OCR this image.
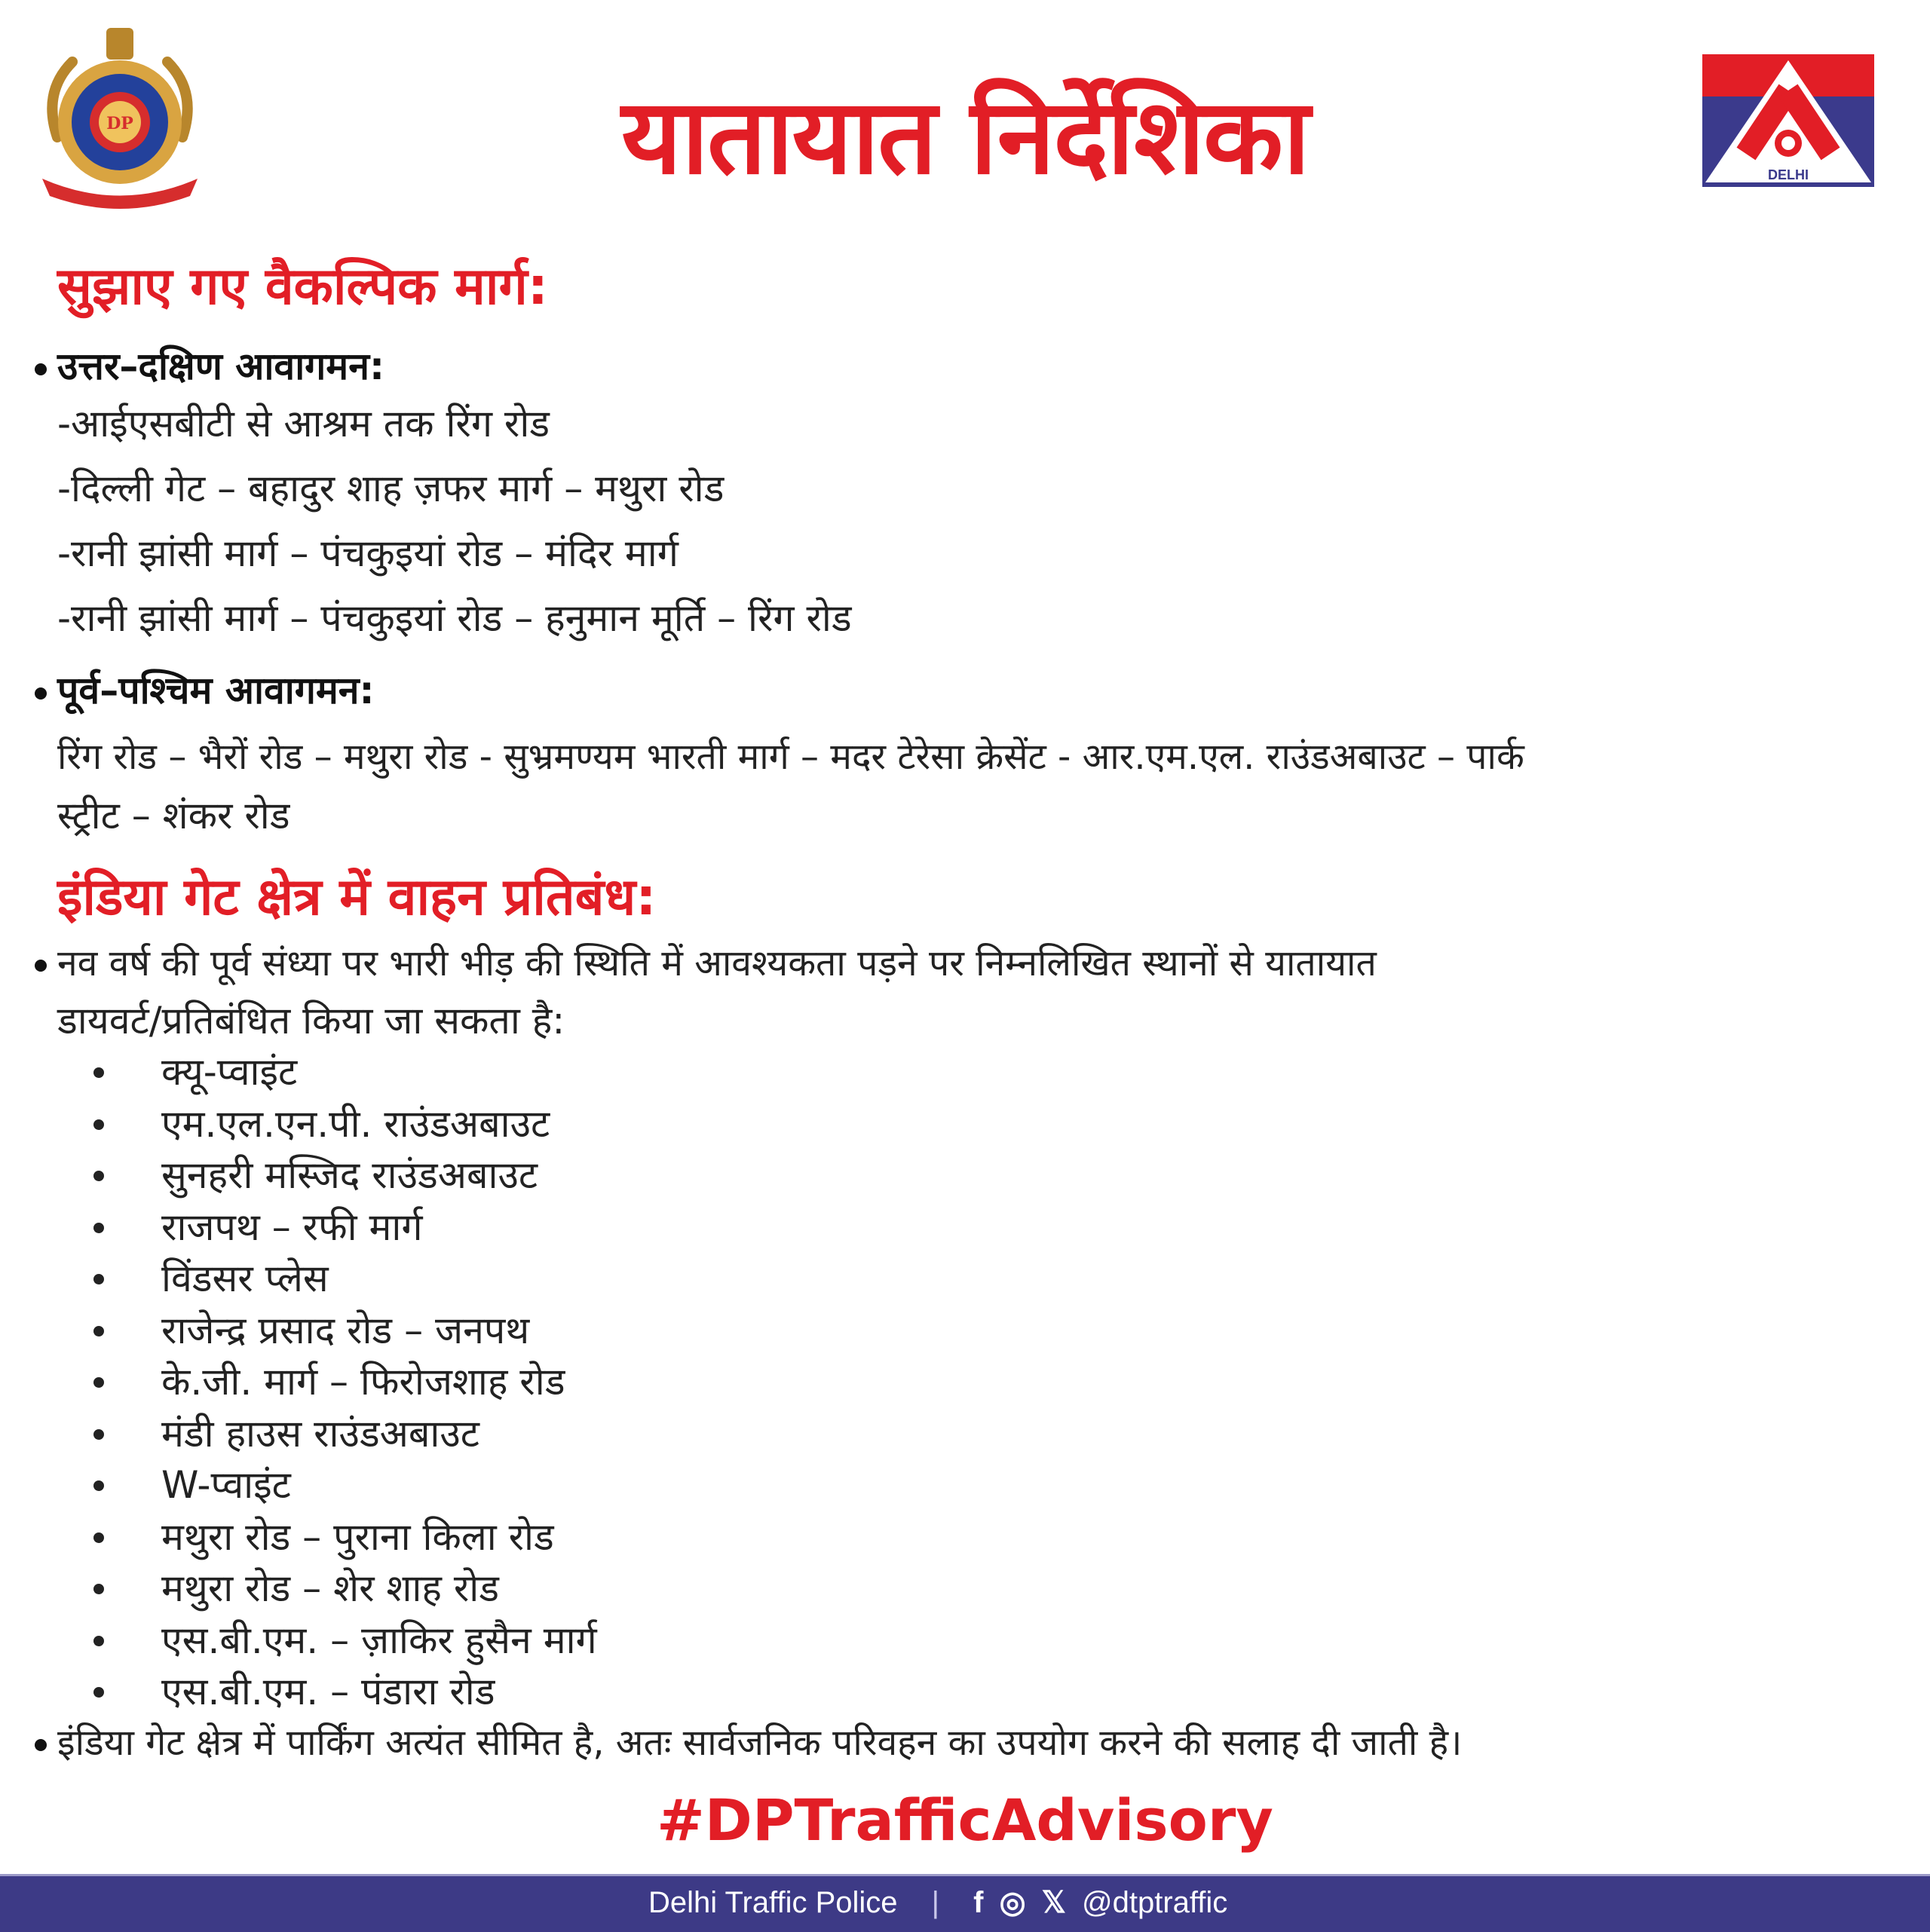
DP	यातायात निर्देशिका	DELHI
सुझाए गए वैकल्पिक मार्ग:
उत्तर–दक्षिण आवागमन:
-आईएसबीटी से आश्रम तक रिंग रोड
-दिल्ली गेट – बहादुर शाह ज़फर मार्ग – मथुरा रोड
-रानी झांसी मार्ग – पंचकुइयां रोड – मंदिर मार्ग
-रानी झांसी मार्ग – पंचकुइयां रोड – हनुमान मूर्ति – रिंग रोड
पूर्व–पश्चिम आवागमन:
रिंग रोड – भैरों रोड – मथुरा रोड - सुभ्रमण्यम भारती मार्ग – मदर टेरेसा क्रेसेंट - आर.एम.एल. राउंडअबाउट – पार्क
स्ट्रीट – शंकर रोड
इंडिया गेट क्षेत्र में वाहन प्रतिबंध:
नव वर्ष की पूर्व संध्या पर भारी भीड़ की स्थिति में आवश्यकता पड़ने पर निम्नलिखित स्थानों से यातायात
डायवर्ट/प्रतिबंधित किया जा सकता है:
क्यू-प्वाइंट
एम.एल.एन.पी. राउंडअबाउट
सुनहरी मस्जिद राउंडअबाउट
राजपथ – रफी मार्ग
विंडसर प्लेस
राजेन्द्र प्रसाद रोड – जनपथ
के.जी. मार्ग – फिरोजशाह रोड
मंडी हाउस राउंडअबाउट
W-प्वाइंट
मथुरा रोड – पुराना किला रोड
मथुरा रोड – शेर शाह रोड
एस.बी.एम. – ज़ाकिर हुसैन मार्ग
एस.बी.एम. – पंडारा रोड
इंडिया गेट क्षेत्र में पार्किंग अत्यंत सीमित है, अतः सार्वजनिक परिवहन का उपयोग करने की सलाह दी जाती है।
#DPTrafficAdvisory
Delhi Traffic Police | f ◎ 𝕏 @dtptraffic
